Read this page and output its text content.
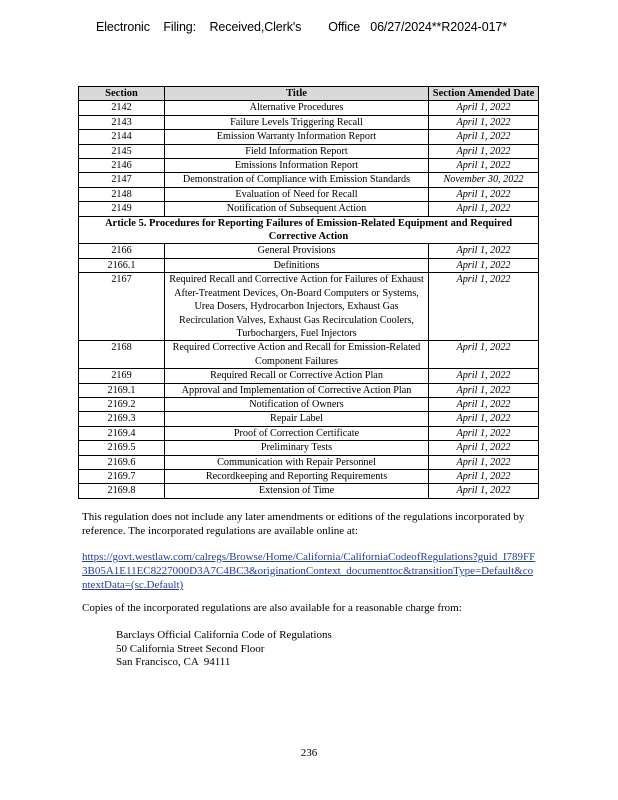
Electronic    Filing:    Received,Clerk's        Office   06/27/2024**R2024-017*
Section	Title	Section Amended Date
2142	Alternative Procedures	April 1, 2022
2143	Failure Levels Triggering Recall	April 1, 2022
2144	Emission Warranty Information Report	April 1, 2022
2145	Field Information Report	April 1, 2022
2146	Emissions Information Report	April 1, 2022
2147	Demonstration of Compliance with Emission Standards	November 30, 2022
2148	Evaluation of Need for Recall	April 1, 2022
2149	Notification of Subsequent Action	April 1, 2022
Article 5. Procedures for Reporting Failures of Emission-Related Equipment and Required Corrective Action		
2166	General Provisions	April 1, 2022
2166.1	Definitions	April 1, 2022
2167	Required Recall and Corrective Action for Failures of Exhaust After-Treatment Devices, On-Board Computers or Systems, Urea Dosers, Hydrocarbon Injectors, Exhaust Gas Recirculation Valves, Exhaust Gas Recirculation Coolers, Turbochargers, Fuel Injectors	April 1, 2022
2168	Required Corrective Action and Recall for Emission-Related Component Failures	April 1, 2022
2169	Required Recall or Corrective Action Plan	April 1, 2022
2169.1	Approval and Implementation of Corrective Action Plan	April 1, 2022
2169.2	Notification of Owners	April 1, 2022
2169.3	Repair Label	April 1, 2022
2169.4	Proof of Correction Certificate	April 1, 2022
2169.5	Preliminary Tests	April 1, 2022
2169.6	Communication with Repair Personnel	April 1, 2022
2169.7	Recordkeeping and Reporting Requirements	April 1, 2022
2169.8	Extension of Time	April 1, 2022
This regulation does not include any later amendments or editions of the regulations incorporated by reference. The incorporated regulations are available online at:
https://govt.westlaw.com/calregs/Browse/Home/California/CaliforniaCodeofRegulations?guid_I789FF3B05A1E11EC8227000D3A7C4BC3&originationContext_documenttoc&transitionType=Default&contextData=(sc.Default)
Copies of the incorporated regulations are also available for a reasonable charge from:
Barclays Official California Code of Regulations
50 California Street Second Floor
San Francisco, CA  94111
236
